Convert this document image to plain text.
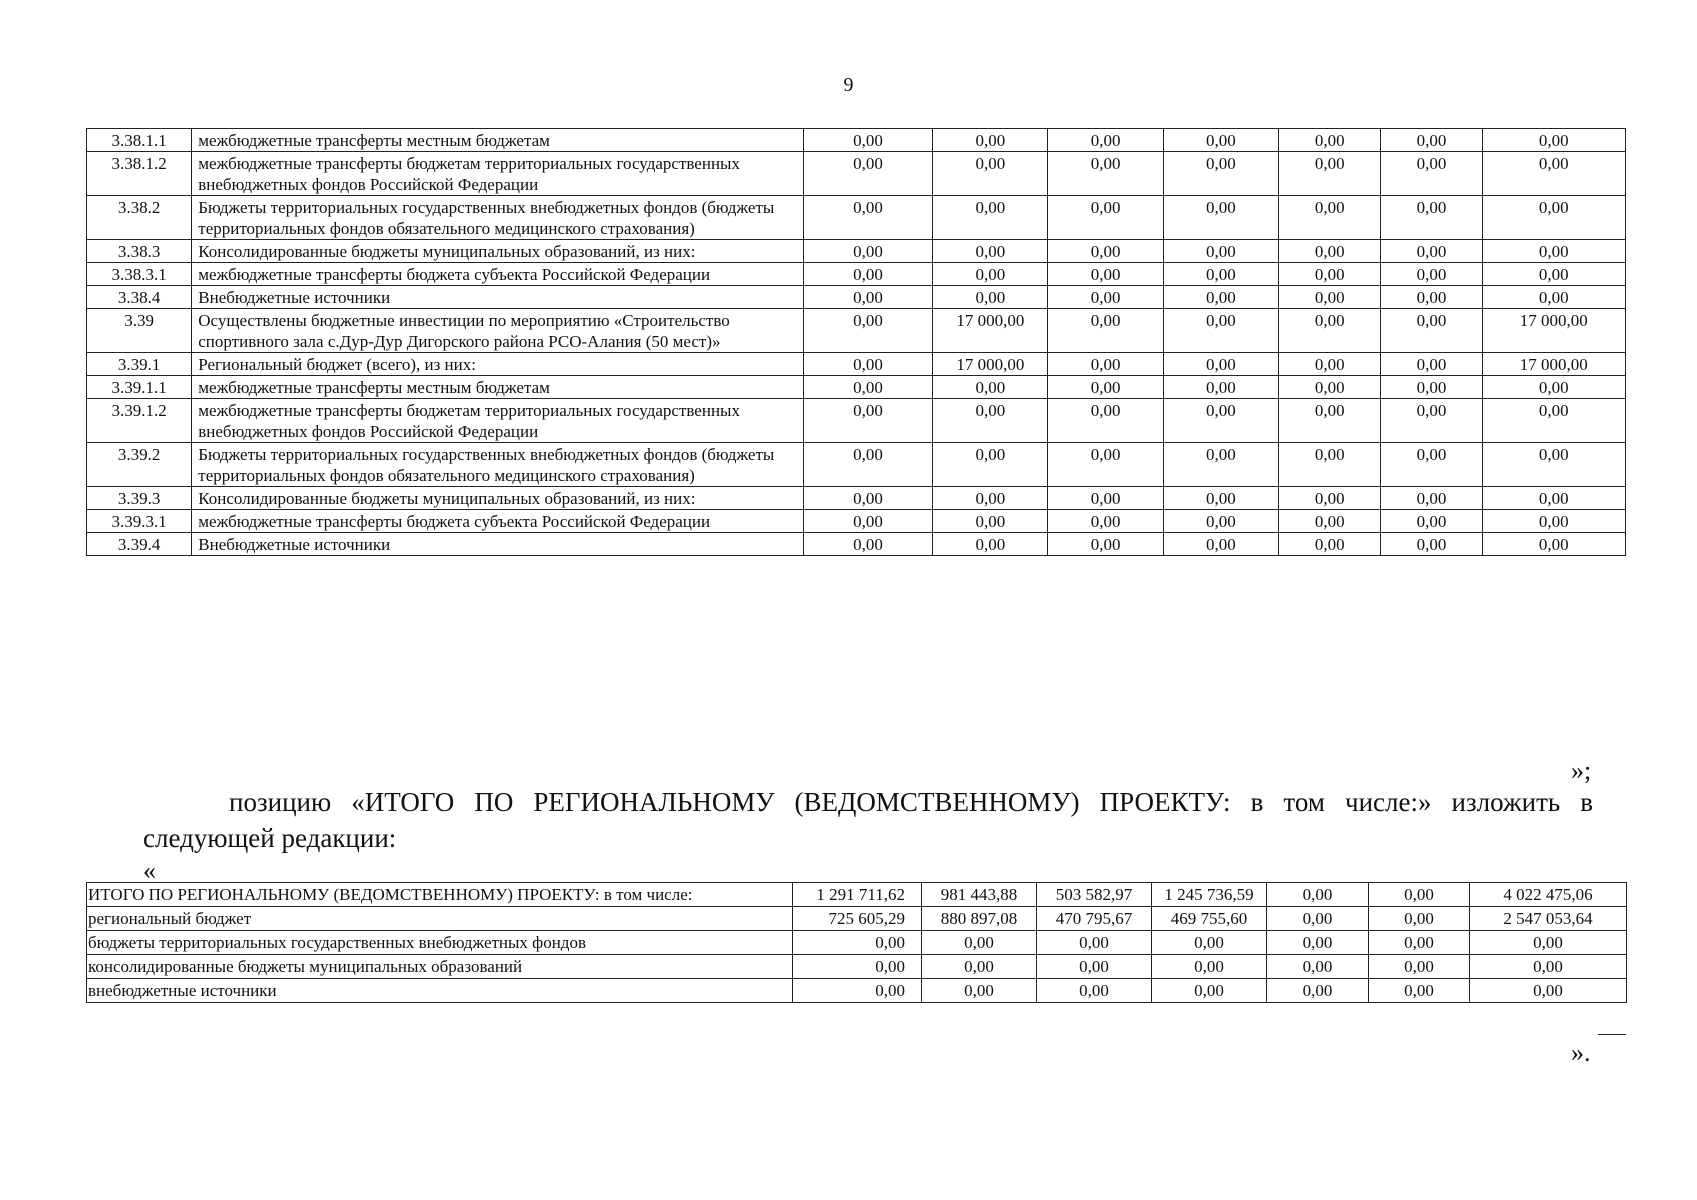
9
3.38.1.1	межбюджетные трансферты местным бюджетам	0,00	0,00	0,00	0,00	0,00	0,00	0,00
3.38.1.2	межбюджетные трансферты бюджетам территориальных государственных внебюджетных фондов Российской Федерации	0,00	0,00	0,00	0,00	0,00	0,00	0,00
3.38.2	Бюджеты территориальных государственных внебюджетных фондов (бюджеты территориальных фондов обязательного медицинского страхования)	0,00	0,00	0,00	0,00	0,00	0,00	0,00
3.38.3	Консолидированные бюджеты муниципальных образований, из них:	0,00	0,00	0,00	0,00	0,00	0,00	0,00
3.38.3.1	межбюджетные трансферты бюджета субъекта Российской Федерации	0,00	0,00	0,00	0,00	0,00	0,00	0,00
3.38.4	Внебюджетные источники	0,00	0,00	0,00	0,00	0,00	0,00	0,00
3.39	Осуществлены бюджетные инвестиции по мероприятию «Строительство спортивного зала с.Дур-Дур Дигорского района РСО-Алания (50 мест)»	0,00	17 000,00	0,00	0,00	0,00	0,00	17 000,00
3.39.1	Региональный бюджет (всего), из них:	0,00	17 000,00	0,00	0,00	0,00	0,00	17 000,00
3.39.1.1	межбюджетные трансферты местным бюджетам	0,00	0,00	0,00	0,00	0,00	0,00	0,00
3.39.1.2	межбюджетные трансферты бюджетам территориальных государственных внебюджетных фондов Российской Федерации	0,00	0,00	0,00	0,00	0,00	0,00	0,00
3.39.2	Бюджеты территориальных государственных внебюджетных фондов (бюджеты территориальных фондов обязательного медицинского страхования)	0,00	0,00	0,00	0,00	0,00	0,00	0,00
3.39.3	Консолидированные бюджеты муниципальных образований, из них:	0,00	0,00	0,00	0,00	0,00	0,00	0,00
3.39.3.1	межбюджетные трансферты бюджета субъекта Российской Федерации	0,00	0,00	0,00	0,00	0,00	0,00	0,00
3.39.4	Внебюджетные источники	0,00	0,00	0,00	0,00	0,00	0,00	0,00
»;
позицию «ИТОГО ПО РЕГИОНАЛЬНОМУ (ВЕДОМСТВЕННОМУ) ПРОЕКТУ: в том числе:» изложить в
следующей редакции:
«
ИТОГО ПО РЕГИОНАЛЬНОМУ (ВЕДОМСТВЕННОМУ) ПРОЕКТУ: в том числе:	1 291 711,62	981 443,88	503 582,97	1 245 736,59	0,00	0,00	4 022 475,06
региональный бюджет	725 605,29	880 897,08	470 795,67	469 755,60	0,00	0,00	2 547 053,64
бюджеты территориальных государственных внебюджетных фондов	0,00	0,00	0,00	0,00	0,00	0,00	0,00
консолидированные бюджеты муниципальных образований	0,00	0,00	0,00	0,00	0,00	0,00	0,00
внебюджетные источники	0,00	0,00	0,00	0,00	0,00	0,00	0,00
».
